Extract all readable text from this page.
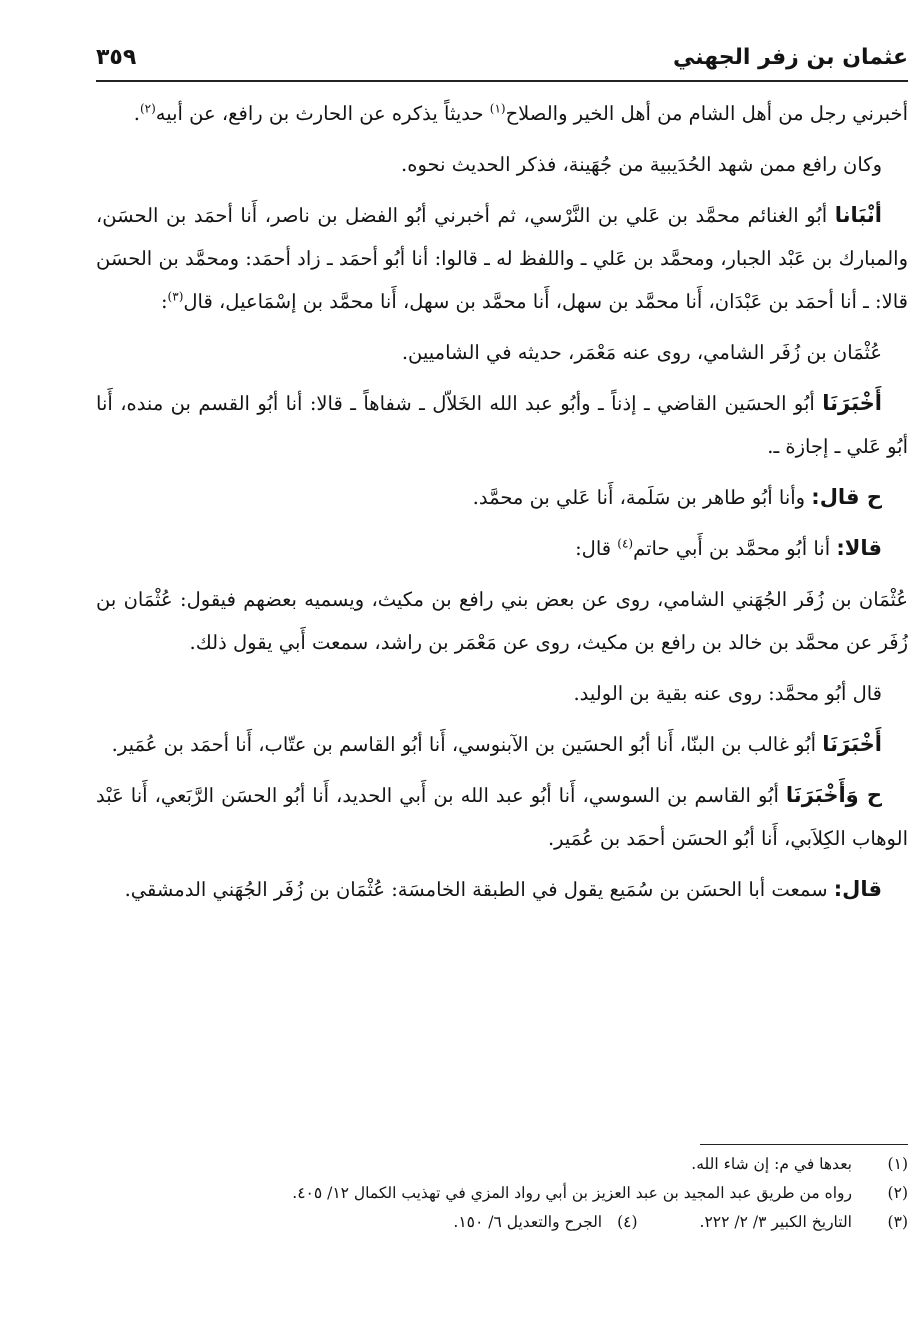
عثمان بن زفر الجهني
٣٥٩

أخبرني رجل من أهل الشام من أهل الخير والصلاح$^{(١)}$ حديثاً يذكره عن الحارث بن رافع، عن أبيه$^{(٢)}$.

وكان رافع ممن شهد الحُدَيبية من جُهَينة، فذكر الحديث نحوه.

أنْبَانا أبُو الغنائم محمَّد بن عَلي بن النَّرْسي، ثم أخبرني أبُو الفضل بن ناصر، أَنا أحمَد بن الحسَن، والمبارك بن عَبْد الجبار، ومحمَّد بن عَلي ـ واللفظ له ـ قالوا: أنا أبُو أحمَد ـ زاد أحمَد: ومحمَّد بن الحسَن قالا: ـ أنا أحمَد بن عَبْدَان، أَنا محمَّد بن سهل، أَنا محمَّد بن سهل، أَنا محمَّد بن إسْمَاعيل، قال$^{(٣)}$:

عُثْمَان بن زُفَر الشامي، روى عنه مَعْمَر، حديثه في الشاميين.

أَخْبَرَنَا أبُو الحسَين القاضي ـ إذناً ـ وأبُو عبد الله الخَلاّل ـ شفاهاً ـ قالا: أنا أبُو القسم بن منده، أَنا أبُو عَلي ـ إجازة ـ.

ح قال: وأنا أبُو طاهر بن سَلَمة، أَنا عَلي بن محمَّد.

قالا: أنا أبُو محمَّد بن أَبي حاتم$^{(٤)}$ قال:

عُثْمَان بن زُفَر الجُهَني الشامي، روى عن بعض بني رافع بن مكيث، ويسميه بعضهم فيقول: عُثْمَان بن زُفَر عن محمَّد بن خالد بن رافع بن مكيث، روى عن مَعْمَر بن راشد، سمعت أَبي يقول ذلك.

قال أبُو محمَّد: روى عنه بقية بن الوليد.

أَخْبَرَنَا أبُو غالب بن البنّا، أَنا أبُو الحسَين بن الآبنوسي، أَنا أبُو القاسم بن عتّاب، أَنا أحمَد بن عُمَير.

ح وَأَخْبَرَنَا أبُو القاسم بن السوسي، أَنا أبُو عبد الله بن أَبي الحديد، أَنا أبُو الحسَن الرَّبَعي، أَنا عَبْد الوهاب الكِلاَبي، أَنا أبُو الحسَن أحمَد بن عُمَير.

قال: سمعت أبا الحسَن بن سُمَيع يقول في الطبقة الخامسَة: عُثْمَان بن زُفَر الجُهَني الدمشقي.

(١)
بعدها في م: إن شاء الله.
(٢)
رواه من طريق عبد المجيد بن عبد العزيز بن أبي رواد المزي في تهذيب الكمال ١٢/ ٤٠٥.
(٣)
التاريخ الكبير ٣/ ٢/ ٢٢٢.
(٤) الجرح والتعديل ٦/ ١٥٠.
